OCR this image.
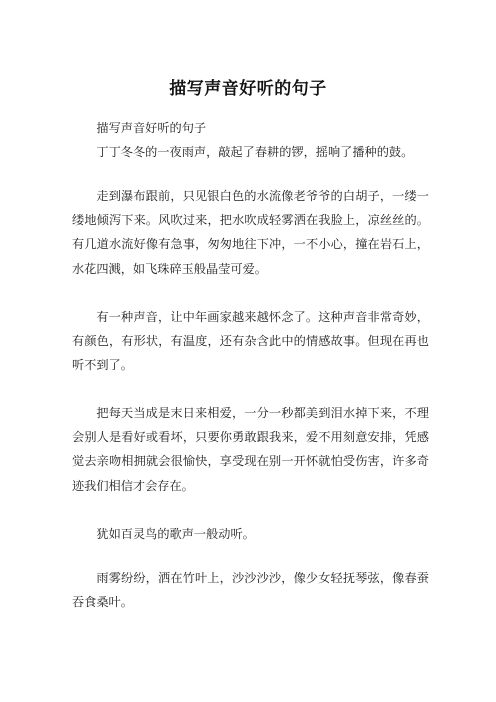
描写声音好听的句子

描写声音好听的句子

丁丁冬冬的一夜雨声，敲起了春耕的锣，摇响了播种的鼓。

走到瀑布跟前，只见银白色的水流像老爷爷的白胡子，一缕一缕地倾泻下来。风吹过来，把水吹成轻雾洒在我脸上，凉丝丝的。有几道水流好像有急事，匆匆地往下冲，一不小心，撞在岩石上，水花四溅，如飞珠碎玉般晶莹可爱。

有一种声音，让中年画家越来越怀念了。这种声音非常奇妙，有颜色，有形状，有温度，还有杂含此中的情感故事。但现在再也听不到了。

把每天当成是末日来相爱，一分一秒都美到泪水掉下来，不理会别人是看好或看坏，只要你勇敢跟我来，爱不用刻意安排，凭感觉去亲吻相拥就会很愉快，享受现在别一开怀就怕受伤害，许多奇迹我们相信才会存在。

犹如百灵鸟的歌声一般动听。

雨雾纷纷，洒在竹叶上，沙沙沙沙，像少女轻抚琴弦，像春蚕吞食桑叶。
